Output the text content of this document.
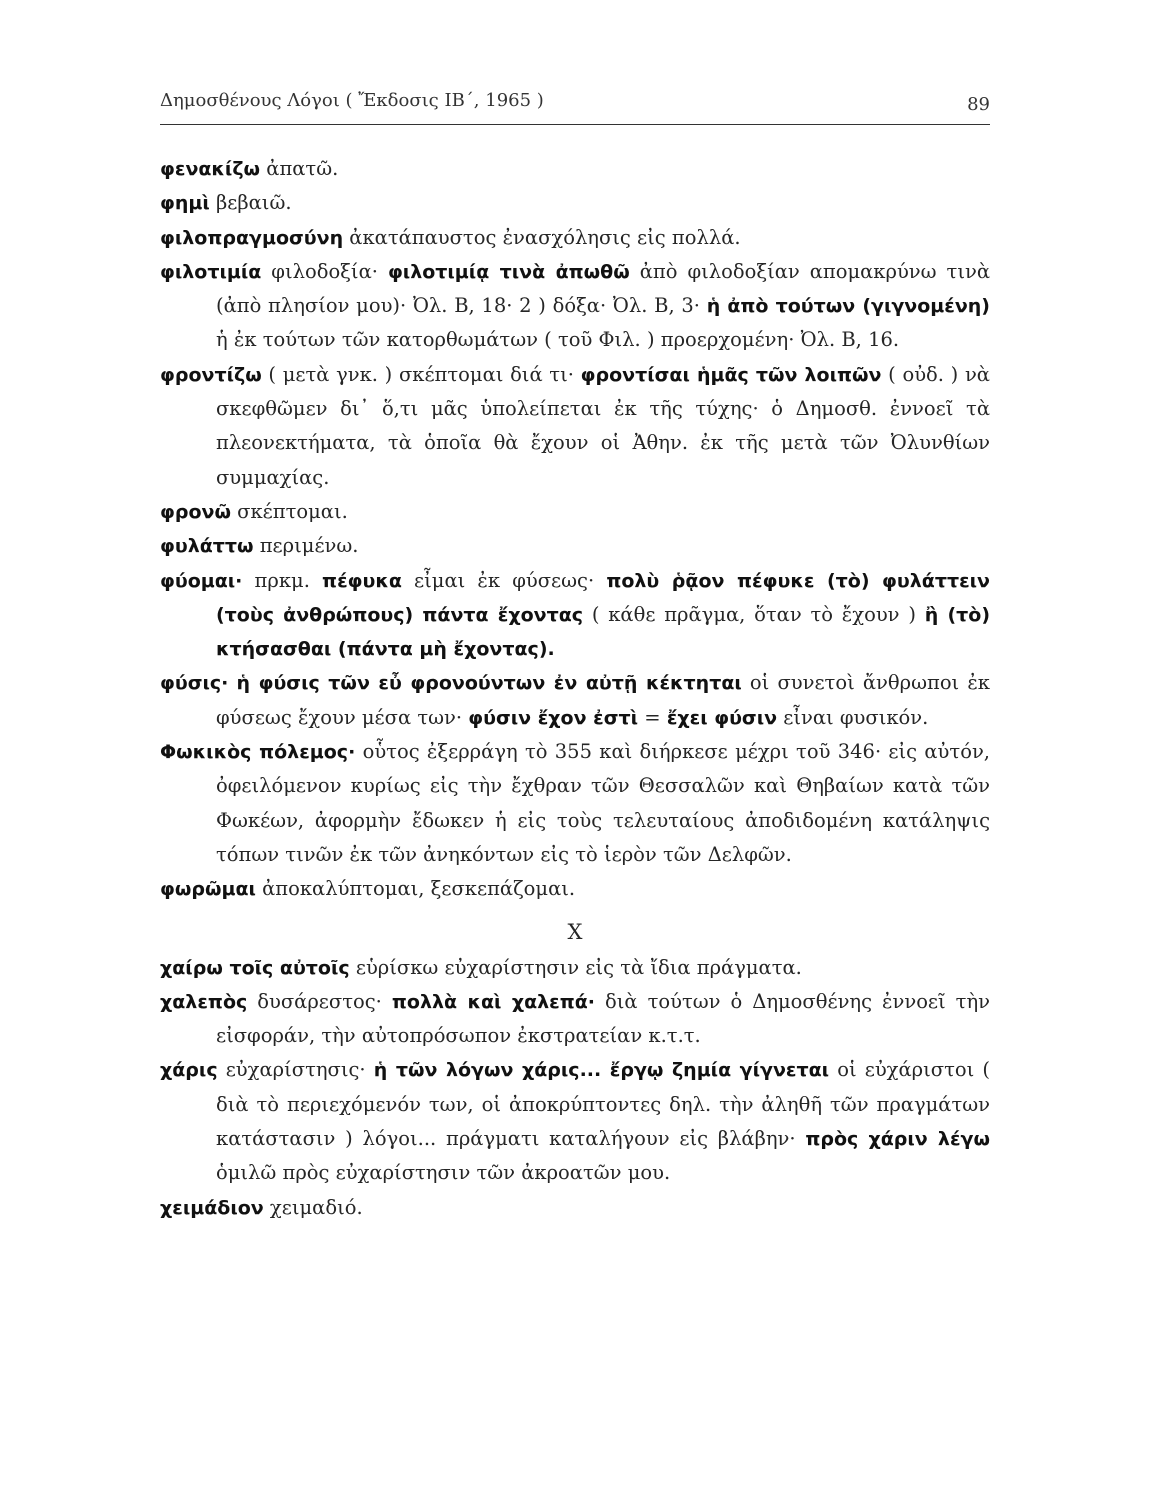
Δημοσθένους Λόγοι ( Ἔκδοσις ΙΒ΄, 1965 )	89
φενακίζω ἀπατῶ.
φημὶ βεβαιῶ.
φιλοπραγμοσύνη ἀκατάπαυστος ἐνασχόλησις εἰς πολλά.
φιλοτιμία φιλοδοξία· φιλοτιμίᾳ τινὰ ἀπωθῶ ἀπὸ φιλοδοξίαν απομακρύνω τινὰ (ἀπὸ πλησίον μου)· Ὀλ. Β, 18· 2 ) δόξα· Ὀλ. Β, 3· ἡ ἀπὸ τούτων (γιγνομένη) ἡ ἐκ τούτων τῶν κατορθωμάτων ( τοῦ Φιλ. ) προερχομένη· Ὀλ. Β, 16.
φροντίζω ( μετὰ γνκ. ) σκέπτομαι διά τι· φροντίσαι ἡμᾶς τῶν λοιπῶν ( οὐδ. ) νὰ σκεφθῶμεν δι᾽ ὅ,τι μᾶς ὑπολείπεται ἐκ τῆς τύχης· ὁ Δημοσθ. ἐννοεῖ τὰ πλεονεκτήματα, τὰ ὁποῖα θὰ ἔχουν οἱ Ἀθην. ἐκ τῆς μετὰ τῶν Ὀλυνθίων συμμαχίας.
φρονῶ σκέπτομαι.
φυλάττω περιμένω.
φύομαι· πρκμ. πέφυκα εἶμαι ἐκ φύσεως· πολὺ ῥᾷον πέφυκε (τὸ) φυλάττειν (τοὺς ἀνθρώπους) πάντα ἔχοντας ( κάθε πρᾶγμα, ὅταν τὸ ἔχουν ) ἢ (τὸ) κτήσασθαι (πάντα μὴ ἔχοντας).
φύσις· ἡ φύσις τῶν εὖ φρονούντων ἐν αὐτῇ κέκτηται οἱ συνετοὶ ἄνθρωποι ἐκ φύσεως ἔχουν μέσα των· φύσιν ἔχον ἐστὶ = ἔχει φύσιν εἶναι φυσικόν.
Φωκικὸς πόλεμος· οὗτος ἐξερράγη τὸ 355 καὶ διήρκεσε μέχρι τοῦ 346· εἰς αὐτόν, ὀφειλόμενον κυρίως εἰς τὴν ἔχθραν τῶν Θεσσαλῶν καὶ Θηβαίων κατὰ τῶν Φωκέων, ἀφορμὴν ἔδωκεν ἡ εἰς τοὺς τελευταίους ἀποδιδομένη κατάληψις τόπων τινῶν ἐκ τῶν ἀνηκόντων εἰς τὸ ἱερὸν τῶν Δελφῶν.
φωρῶμαι ἀποκαλύπτομαι, ξεσκεπάζομαι.
X
χαίρω τοῖς αὐτοῖς εὑρίσκω εὐχαρίστησιν εἰς τὰ ἴδια πράγματα.
χαλεπὸς δυσάρεστος· πολλὰ καὶ χαλεπά· διὰ τούτων ὁ Δημοσθένης ἐννοεῖ τὴν εἰσφοράν, τὴν αὐτοπρόσωπον ἐκστρατείαν κ.τ.τ.
χάρις εὐχαρίστησις· ἡ τῶν λόγων χάρις... ἔργῳ ζημία γίγνεται οἱ εὐχάριστοι ( διὰ τὸ περιεχόμενόν των, οἱ ἀποκρύπτοντες δηλ. τὴν ἀληθῆ τῶν πραγμάτων κατάστασιν ) λόγοι... πράγματι καταλήγουν εἰς βλάβην· πρὸς χάριν λέγω ὁμιλῶ πρὸς εὐχαρίστησιν τῶν ἀκροατῶν μου.
χειμάδιον χειμαδιό.
